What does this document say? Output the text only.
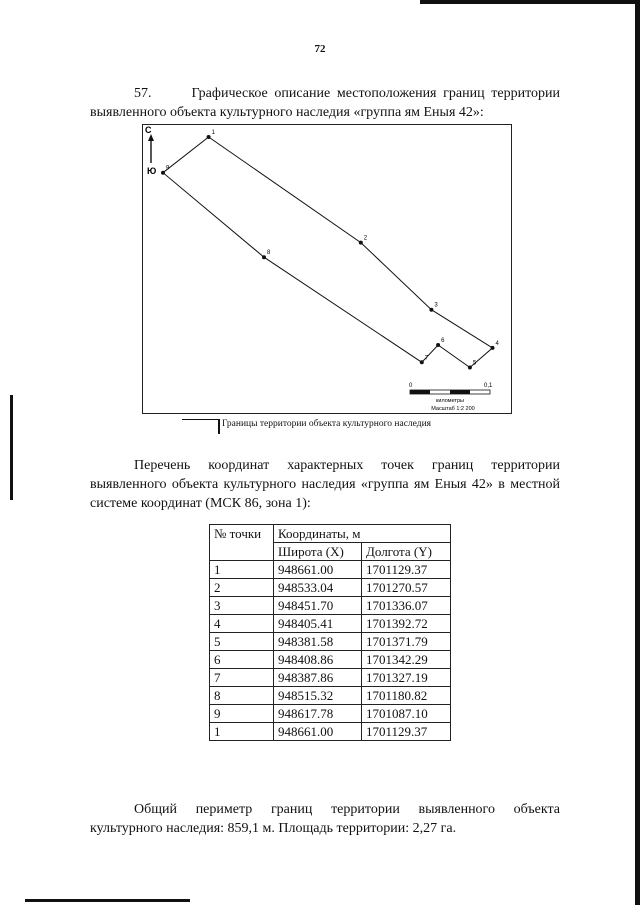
72
57.	Графическое описание местоположения границ территории выявленного объекта культурного наследия «группа ям Еныя 42»:
С
Ю
1
2
3
4
5
6
7
8
9
0	0,1
километры
Масштаб 1:2 200
Границы территории объекта культурного наследия
Перечень координат характерных точек границ территории выявленного объекта культурного наследия «группа ям Еныя 42» в местной системе координат (МСК 86, зона 1):
№ точки	Координаты, м	
	Широта (X)	Долгота (Y)
1	948661.00	1701129.37
2	948533.04	1701270.57
3	948451.70	1701336.07
4	948405.41	1701392.72
5	948381.58	1701371.79
6	948408.86	1701342.29
7	948387.86	1701327.19
8	948515.32	1701180.82
9	948617.78	1701087.10
1	948661.00	1701129.37
Общий периметр границ территории выявленного объекта культурного наследия: 859,1 м. Площадь территории: 2,27 га.
